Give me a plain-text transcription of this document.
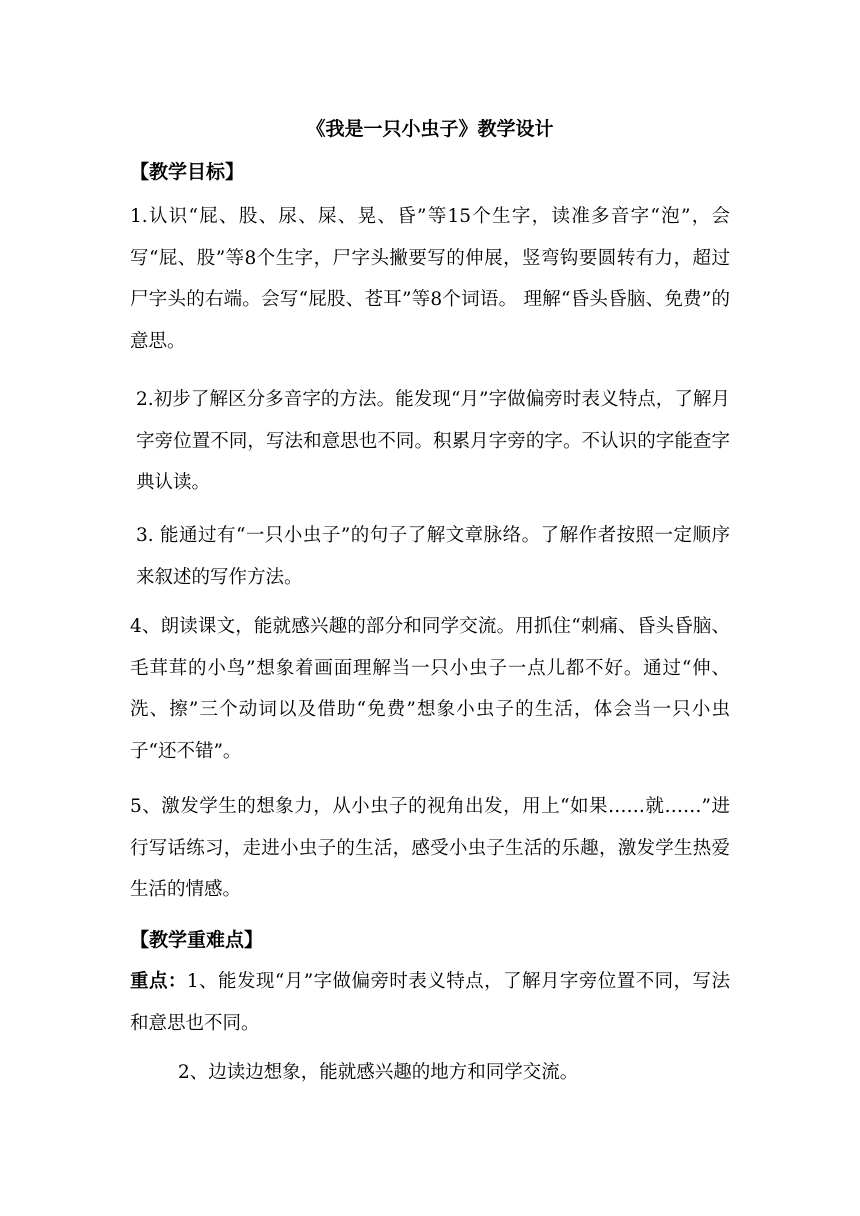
《我是一只小虫子》教学设计
【教学目标】
1.认识“屁、股、尿、屎、晃、昏”等15个生字，读准多音字“泡”，会写“屁、股”等8个生字，尸字头撇要写的伸展，竖弯钩要圆转有力，超过尸字头的右端。会写“屁股、苍耳”等8个词语。 理解“昏头昏脑、免费”的意思。
2.初步了解区分多音字的方法。能发现“月”字做偏旁时表义特点，了解月字旁位置不同，写法和意思也不同。积累月字旁的字。不认识的字能查字典认读。
3. 能通过有“一只小虫子”的句子了解文章脉络。了解作者按照一定顺序来叙述的写作方法。
4、朗读课文，能就感兴趣的部分和同学交流。用抓住“刺痛、昏头昏脑、毛茸茸的小鸟”想象着画面理解当一只小虫子一点儿都不好。通过“伸、洗、擦”三个动词以及借助“免费”想象小虫子的生活，体会当一只小虫子“还不错”。
5、激发学生的想象力，从小虫子的视角出发，用上“如果……就……”进行写话练习，走进小虫子的生活，感受小虫子生活的乐趣，激发学生热爱生活的情感。
【教学重难点】
重点：1、能发现“月”字做偏旁时表义特点，了解月字旁位置不同，写法和意思也不同。
2、边读边想象，能就感兴趣的地方和同学交流。
